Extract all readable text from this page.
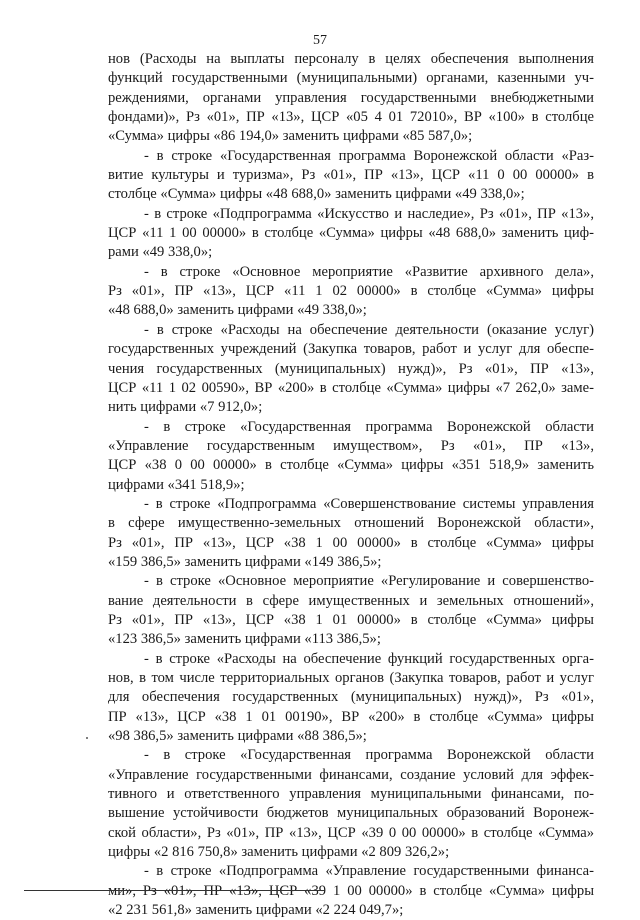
57
нов (Расходы на выплаты персоналу в целях обеспечения выполнения
функций государственными (муниципальными) органами, казенными уч-
реждениями, органами управления государственными внебюджетными
фондами)», Рз «01», ПР «13», ЦСР «05 4 01 72010», ВР «100» в столбце
«Сумма» цифры «86 194,0» заменить цифрами «85 587,0»;
- в строке «Государственная программа Воронежской области «Раз-
витие культуры и туризма», Рз «01», ПР «13», ЦСР «11 0 00 00000» в
столбце «Сумма» цифры «48 688,0» заменить цифрами «49 338,0»;
- в строке «Подпрограмма «Искусство и наследие», Рз «01», ПР «13»,
ЦСР «11 1 00 00000» в столбце «Сумма» цифры «48 688,0» заменить циф-
рами «49 338,0»;
- в строке «Основное мероприятие «Развитие архивного дела»,
Рз «01», ПР «13», ЦСР «11 1 02 00000» в столбце «Сумма» цифры
«48 688,0» заменить цифрами «49 338,0»;
- в строке «Расходы на обеспечение деятельности (оказание услуг)
государственных учреждений (Закупка товаров, работ и услуг для обеспе-
чения государственных (муниципальных) нужд)», Рз «01», ПР «13»,
ЦСР «11 1 02 00590», ВР «200» в столбце «Сумма» цифры «7 262,0» заме-
нить цифрами «7 912,0»;
- в строке «Государственная программа Воронежской области
«Управление государственным имуществом», Рз «01», ПР «13»,
ЦСР «38 0 00 00000» в столбце «Сумма» цифры «351 518,9» заменить
цифрами «341 518,9»;
- в строке «Подпрограмма «Совершенствование системы управления
в сфере имущественно-земельных отношений Воронежской области»,
Рз «01», ПР «13», ЦСР «38 1 00 00000» в столбце «Сумма» цифры
«159 386,5» заменить цифрами «149 386,5»;
- в строке «Основное мероприятие «Регулирование и совершенство-
вание деятельности в сфере имущественных и земельных отношений»,
Рз «01», ПР «13», ЦСР «38 1 01 00000» в столбце «Сумма» цифры
«123 386,5» заменить цифрами «113 386,5»;
- в строке «Расходы на обеспечение функций государственных орга-
нов, в том числе территориальных органов (Закупка товаров, работ и услуг
для обеспечения государственных (муниципальных) нужд)», Рз «01»,
ПР «13», ЦСР «38 1 01 00190», ВР «200» в столбце «Сумма» цифры
«98 386,5» заменить цифрами «88 386,5»;
- в строке «Государственная программа Воронежской области
«Управление государственными финансами, создание условий для эффек-
тивного и ответственного управления муниципальными финансами, по-
вышение устойчивости бюджетов муниципальных образований Воронеж-
ской области», Рз «01», ПР «13», ЦСР «39 0 00 00000» в столбце «Сумма»
цифры «2 816 750,8» заменить цифрами «2 809 326,2»;
- в строке «Подпрограмма «Управление государственными финанса-
ми», Рз «01», ПР «13», ЦСР «39 1 00 00000» в столбце «Сумма» цифры
«2 231 561,8» заменить цифрами «2 224 049,7»;
